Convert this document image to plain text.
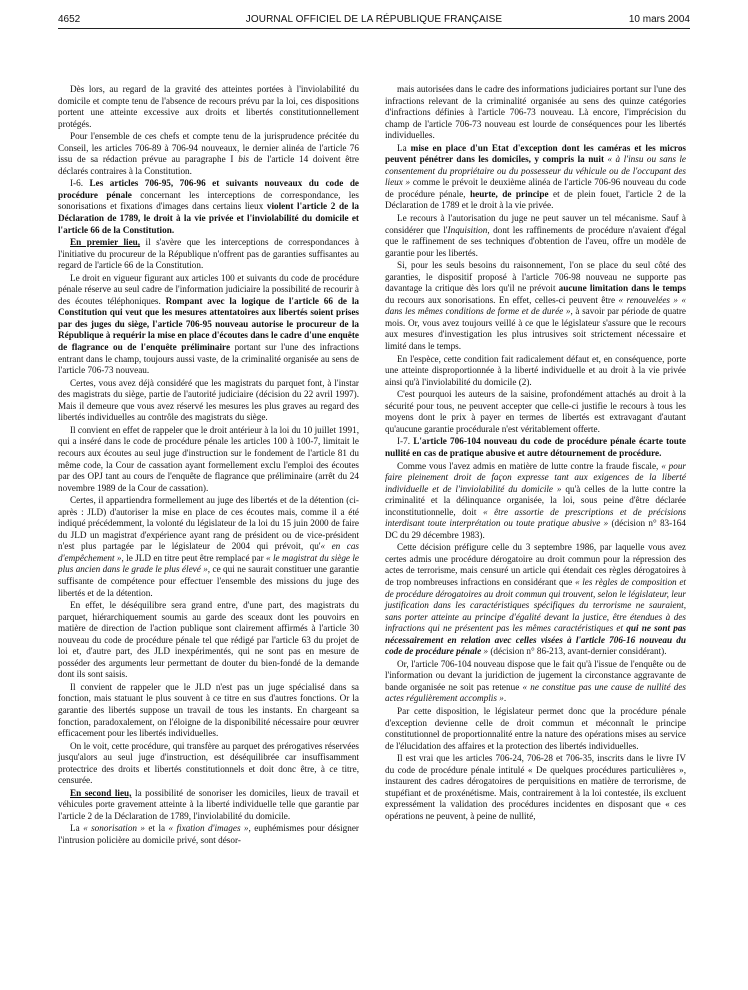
4652	JOURNAL OFFICIEL DE LA RÉPUBLIQUE FRANÇAISE	10 mars 2004

Dès lors, au regard de la gravité des atteintes portées à l'inviolabilité du domicile et compte tenu de l'absence de recours prévu par la loi, ces dispositions portent une atteinte excessive aux droits et libertés constitutionnellement protégés.

Pour l'ensemble de ces chefs et compte tenu de la jurisprudence précitée du Conseil, les articles 706-89 à 706-94 nouveaux, le dernier alinéa de l'article 76 issu de sa rédaction prévue au paragraphe I bis de l'article 14 doivent être déclarés contraires à la Constitution.

I-6. Les articles 706-95, 706-96 et suivants nouveaux du code de procédure pénale concernant les interceptions de correspondance, les sonorisations et fixations d'images dans certains lieux violent l'article 2 de la Déclaration de 1789, le droit à la vie privée et l'inviolabilité du domicile et l'article 66 de la Constitution.

En premier lieu, il s'avère que les interceptions de correspondances à l'initiative du procureur de la République n'offrent pas de garanties suffisantes au regard de l'article 66 de la Constitution.

Le droit en vigueur figurant aux articles 100 et suivants du code de procédure pénale réserve au seul cadre de l'information judiciaire la possibilité de recourir à des écoutes téléphoniques. Rompant avec la logique de l'article 66 de la Constitution qui veut que les mesures attentatoires aux libertés soient prises par des juges du siège, l'article 706-95 nouveau autorise le procureur de la République à requérir la mise en place d'écoutes dans le cadre d'une enquête de flagrance ou de l'enquête préliminaire portant sur l'une des infractions entrant dans le champ, toujours aussi vaste, de la criminalité organisée au sens de l'article 706-73 nouveau.

Certes, vous avez déjà considéré que les magistrats du parquet font, à l'instar des magistrats du siège, partie de l'autorité judiciaire (décision du 22 avril 1997). Mais il demeure que vous avez réservé les mesures les plus graves au regard des libertés individuelles au contrôle des magistrats du siège.

Il convient en effet de rappeler que le droit antérieur à la loi du 10 juillet 1991, qui a inséré dans le code de procédure pénale les articles 100 à 100-7, limitait le recours aux écoutes au seul juge d'instruction sur le fondement de l'article 81 du même code, la Cour de cassation ayant formellement exclu l'emploi des écoutes par des OPJ tant au cours de l'enquête de flagrance que préliminaire (arrêt du 24 novembre 1989 de la Cour de cassation).

Certes, il appartiendra formellement au juge des libertés et de la détention (ci-après : JLD) d'autoriser la mise en place de ces écoutes mais, comme il a été indiqué précédemment, la volonté du législateur de la loi du 15 juin 2000 de faire du JLD un magistrat d'expérience ayant rang de président ou de vice-président n'est plus partagée par le législateur de 2004 qui prévoit, qu'« en cas d'empêchement », le JLD en titre peut être remplacé par « le magistrat du siège le plus ancien dans le grade le plus élevé », ce qui ne saurait constituer une garantie suffisante de compétence pour effectuer l'ensemble des missions du juge des libertés et de la détention.

En effet, le déséquilibre sera grand entre, d'une part, des magistrats du parquet, hiérarchiquement soumis au garde des sceaux dont les pouvoirs en matière de direction de l'action publique sont clairement affirmés à l'article 30 nouveau du code de procédure pénale tel que rédigé par l'article 63 du projet de loi et, d'autre part, des JLD inexpérimentés, qui ne sont pas en mesure de posséder des arguments leur permettant de douter du bien-fondé de la demande dont ils sont saisis.

Il convient de rappeler que le JLD n'est pas un juge spécialisé dans sa fonction, mais statuant le plus souvent à ce titre en sus d'autres fonctions. Or la garantie des libertés suppose un travail de tous les instants. En chargeant sa fonction, paradoxalement, on l'éloigne de la disponibilité nécessaire pour œuvrer efficacement pour les libertés individuelles.

On le voit, cette procédure, qui transfère au parquet des prérogatives réservées jusqu'alors au seul juge d'instruction, est déséquilibrée car insuffisamment protectrice des droits et libertés constitutionnels et doit donc être, à ce titre, censurée.

En second lieu, la possibilité de sonoriser les domiciles, lieux de travail et véhicules porte gravement atteinte à la liberté individuelle telle que garantie par l'article 2 de la Déclaration de 1789, l'inviolabilité du domicile.

La « sonorisation » et la « fixation d'images », euphémismes pour désigner l'intrusion policière au domicile privé, sont désor-

mais autorisées dans le cadre des informations judiciaires portant sur l'une des infractions relevant de la criminalité organisée au sens des quinze catégories d'infractions définies à l'article 706-73 nouveau. Là encore, l'imprécision du champ de l'article 706-73 nouveau est lourde de conséquences pour les libertés individuelles.

La mise en place d'un Etat d'exception dont les caméras et les micros peuvent pénétrer dans les domiciles, y compris la nuit « à l'insu ou sans le consentement du propriétaire ou du possesseur du véhicule ou de l'occupant des lieux » comme le prévoit le deuxième alinéa de l'article 706-96 nouveau du code de procédure pénale, heurte, de principe et de plein fouet, l'article 2 de la Déclaration de 1789 et le droit à la vie privée.

Le recours à l'autorisation du juge ne peut sauver un tel mécanisme. Sauf à considérer que l'Inquisition, dont les raffinements de procédure n'avaient d'égal que le raffinement de ses techniques d'obtention de l'aveu, offre un modèle de garantie pour les libertés.

Si, pour les seuls besoins du raisonnement, l'on se place du seul côté des garanties, le dispositif proposé à l'article 706-98 nouveau ne supporte pas davantage la critique dès lors qu'il ne prévoit aucune limitation dans le temps du recours aux sonorisations. En effet, celles-ci peuvent être « renouvelées » « dans les mêmes conditions de forme et de durée », à savoir par période de quatre mois. Or, vous avez toujours veillé à ce que le législateur s'assure que le recours aux mesures d'investigation les plus intrusives soit strictement nécessaire et limité dans le temps.

En l'espèce, cette condition fait radicalement défaut et, en conséquence, porte une atteinte disproportionnée à la liberté individuelle et au droit à la vie privée ainsi qu'à l'inviolabilité du domicile (2).

C'est pourquoi les auteurs de la saisine, profondément attachés au droit à la sécurité pour tous, ne peuvent accepter que celle-ci justifie le recours à tous les moyens dont le prix à payer en termes de libertés est extravagant d'autant qu'aucune garantie procédurale n'est véritablement offerte.

I-7. L'article 706-104 nouveau du code de procédure pénale écarte toute nullité en cas de pratique abusive et autre détournement de procédure.

Comme vous l'avez admis en matière de lutte contre la fraude fiscale, « pour faire pleinement droit de façon expresse tant aux exigences de la liberté individuelle et de l'inviolabilité du domicile » qu'à celles de la lutte contre la criminalité et la délinquance organisée, la loi, sous peine d'être déclarée inconstitutionnelle, doit « être assortie de prescriptions et de précisions interdisant toute interprétation ou toute pratique abusive » (décision n° 83-164 DC du 29 décembre 1983).

Cette décision préfigure celle du 3 septembre 1986, par laquelle vous avez certes admis une procédure dérogatoire au droit commun pour la répression des actes de terrorisme, mais censuré un article qui étendait ces règles dérogatoires à de trop nombreuses infractions en considérant que « les règles de composition et de procédure dérogatoires au droit commun qui trouvent, selon le législateur, leur justification dans les caractéristiques spécifiques du terrorisme ne sauraient, sans porter atteinte au principe d'égalité devant la justice, être étendues à des infractions qui ne présentent pas les mêmes caractéristiques et qui ne sont pas nécessairement en relation avec celles visées à l'article 706-16 nouveau du code de procédure pénale » (décision n° 86-213, avant-dernier considérant).

Or, l'article 706-104 nouveau dispose que le fait qu'à l'issue de l'enquête ou de l'information ou devant la juridiction de jugement la circonstance aggravante de bande organisée ne soit pas retenue « ne constitue pas une cause de nullité des actes régulièrement accomplis ».

Par cette disposition, le législateur permet donc que la procédure pénale d'exception devienne celle de droit commun et méconnaît le principe constitutionnel de proportionnalité entre la nature des opérations mises au service de l'élucidation des affaires et la protection des libertés individuelles.

Il est vrai que les articles 706-24, 706-28 et 706-35, inscrits dans le livre IV du code de procédure pénale intitulé « De quelques procédures particulières », instaurent des cadres dérogatoires de perquisitions en matière de terrorisme, de stupéfiant et de proxénétisme. Mais, contrairement à la loi contestée, ils excluent expressément la validation des procédures incidentes en disposant que « ces opérations ne peuvent, à peine de nullité,
